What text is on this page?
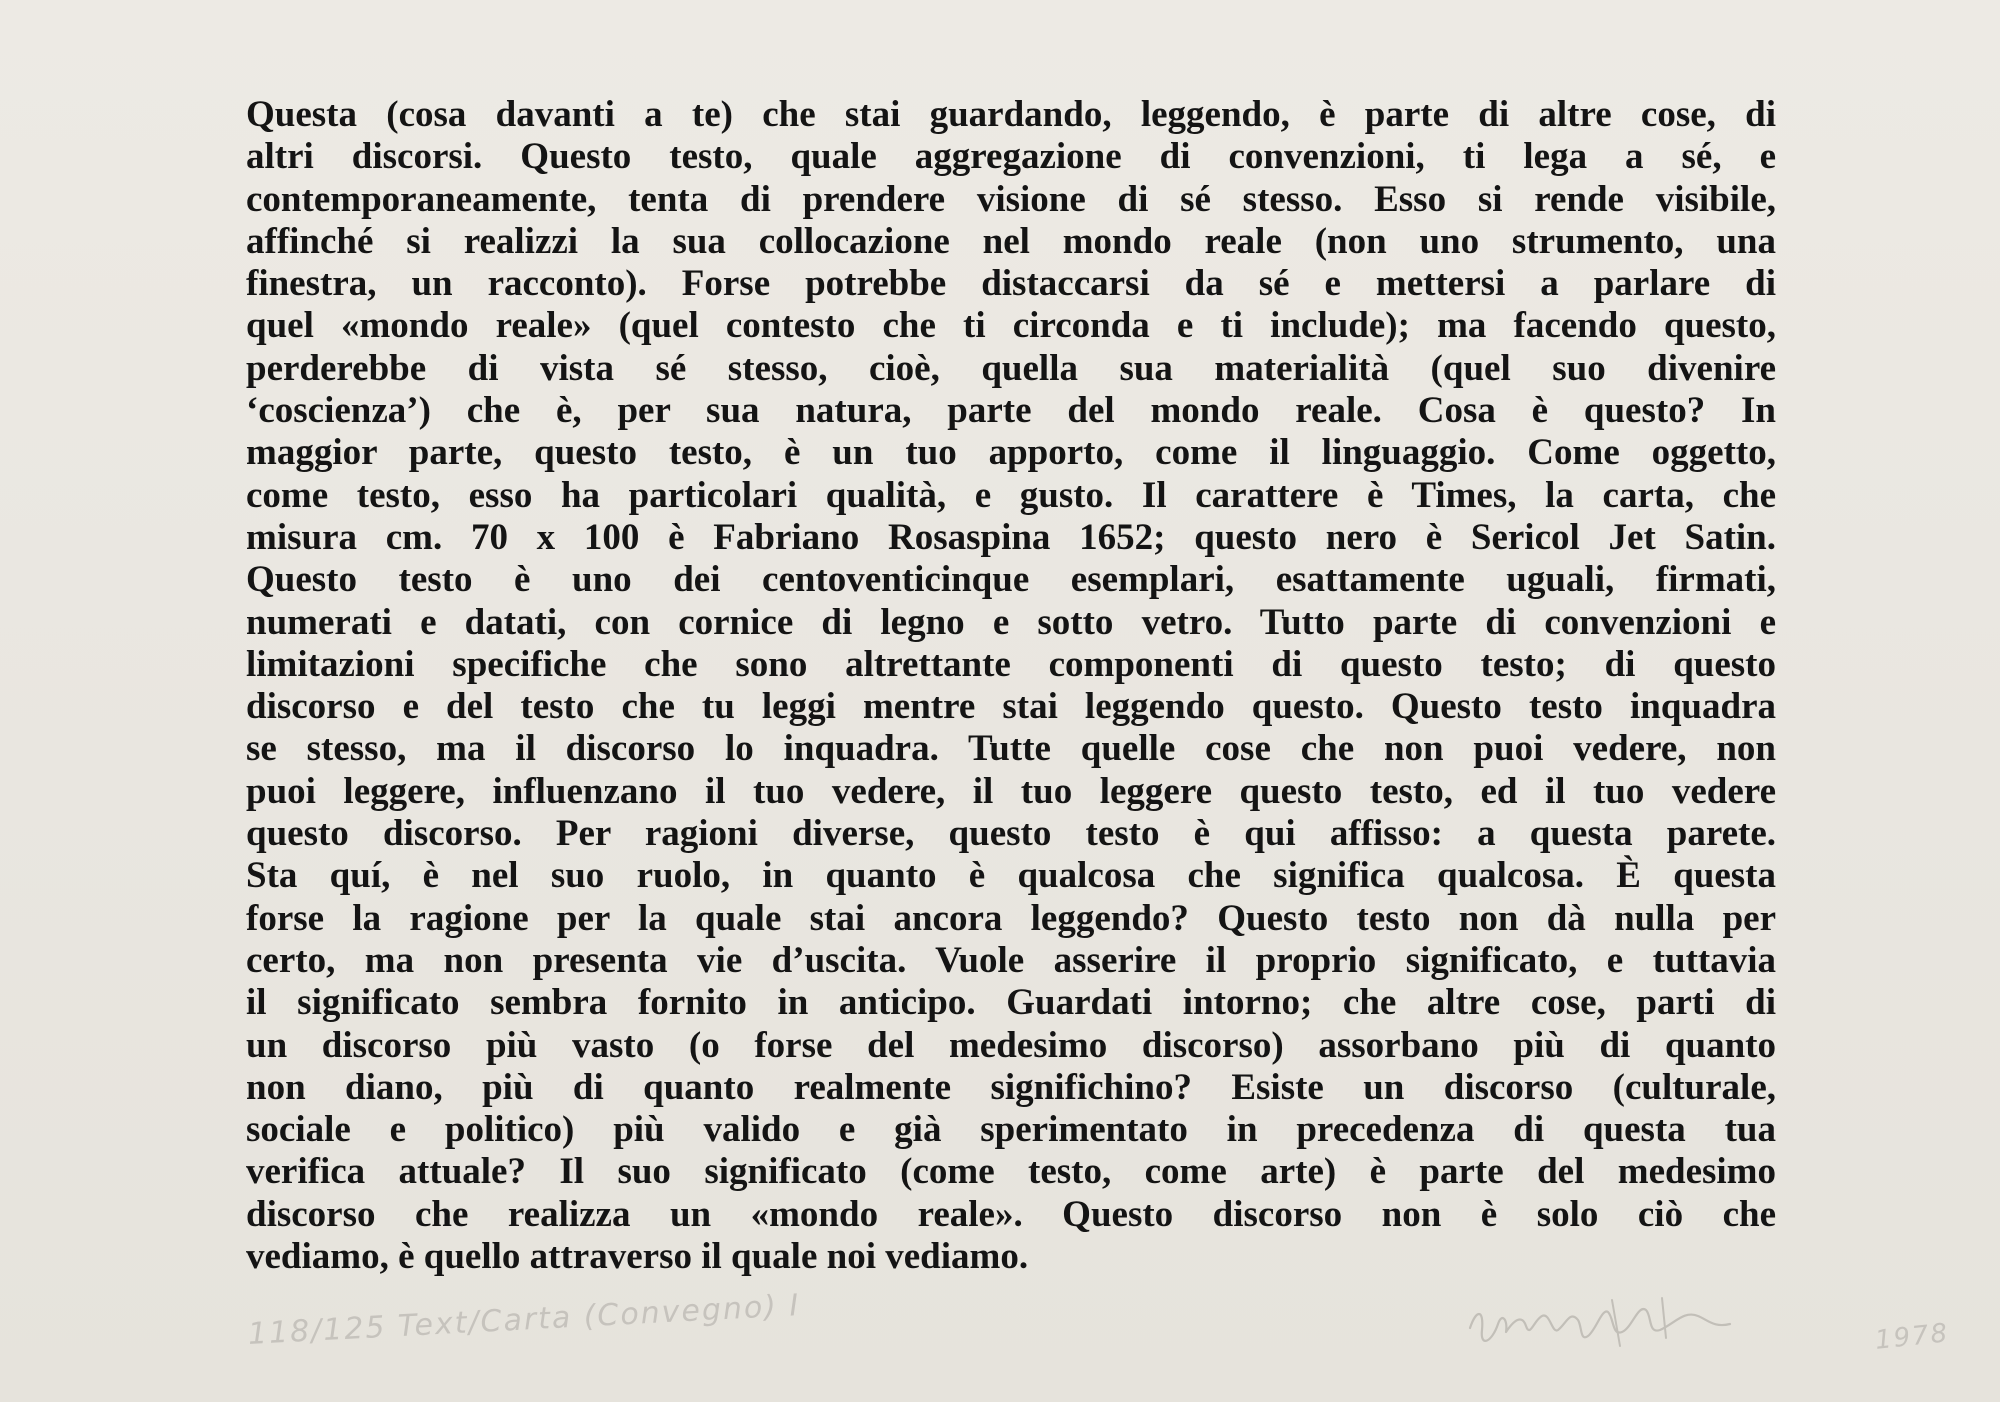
Questa (cosa davanti a te) che stai guardando, leggendo, è parte di altre cose, di
altri discorsi. Questo testo, quale aggregazione di convenzioni, ti lega a sé, e
contemporaneamente, tenta di prendere visione di sé stesso. Esso si rende visibile,
affinché si realizzi la sua collocazione nel mondo reale (non uno strumento, una
finestra, un racconto). Forse potrebbe distaccarsi da sé e mettersi a parlare di
quel «mondo reale» (quel contesto che ti circonda e ti include); ma facendo questo,
perderebbe di vista sé stesso, cioè, quella sua materialità (quel suo divenire
‘coscienza’) che è, per sua natura, parte del mondo reale. Cosa è questo? In
maggior parte, questo testo, è un tuo apporto, come il linguaggio. Come oggetto,
come testo, esso ha particolari qualità, e gusto. Il carattere è Times, la carta, che
misura cm. 70 x 100 è Fabriano Rosaspina 1652; questo nero è Sericol Jet Satin.
Questo testo è uno dei centoventicinque esemplari, esattamente uguali, firmati,
numerati e datati, con cornice di legno e sotto vetro. Tutto parte di convenzioni e
limitazioni specifiche che sono altrettante componenti di questo testo; di questo
discorso e del testo che tu leggi mentre stai leggendo questo. Questo testo inquadra
se stesso, ma il discorso lo inquadra. Tutte quelle cose che non puoi vedere, non
puoi leggere, influenzano il tuo vedere, il tuo leggere questo testo, ed il tuo vedere
questo discorso. Per ragioni diverse, questo testo è qui affisso: a questa parete.
Sta quí, è nel suo ruolo, in quanto è qualcosa che significa qualcosa. È questa
forse la ragione per la quale stai ancora leggendo? Questo testo non dà nulla per
certo, ma non presenta vie d’uscita. Vuole asserire il proprio significato, e tuttavia
il significato sembra fornito in anticipo. Guardati intorno; che altre cose, parti di
un discorso più vasto (o forse del medesimo discorso) assorbano più di quanto
non diano, più di quanto realmente significhino? Esiste un discorso (culturale,
sociale e politico) più valido e già sperimentato in precedenza di questa tua
verifica attuale? Il suo significato (come testo, come arte) è parte del medesimo
discorso che realizza un «mondo reale». Questo discorso non è solo ciò che
vediamo, è quello attraverso il quale noi vediamo.
118/125 Text/Carta (Convegno) I	1978
